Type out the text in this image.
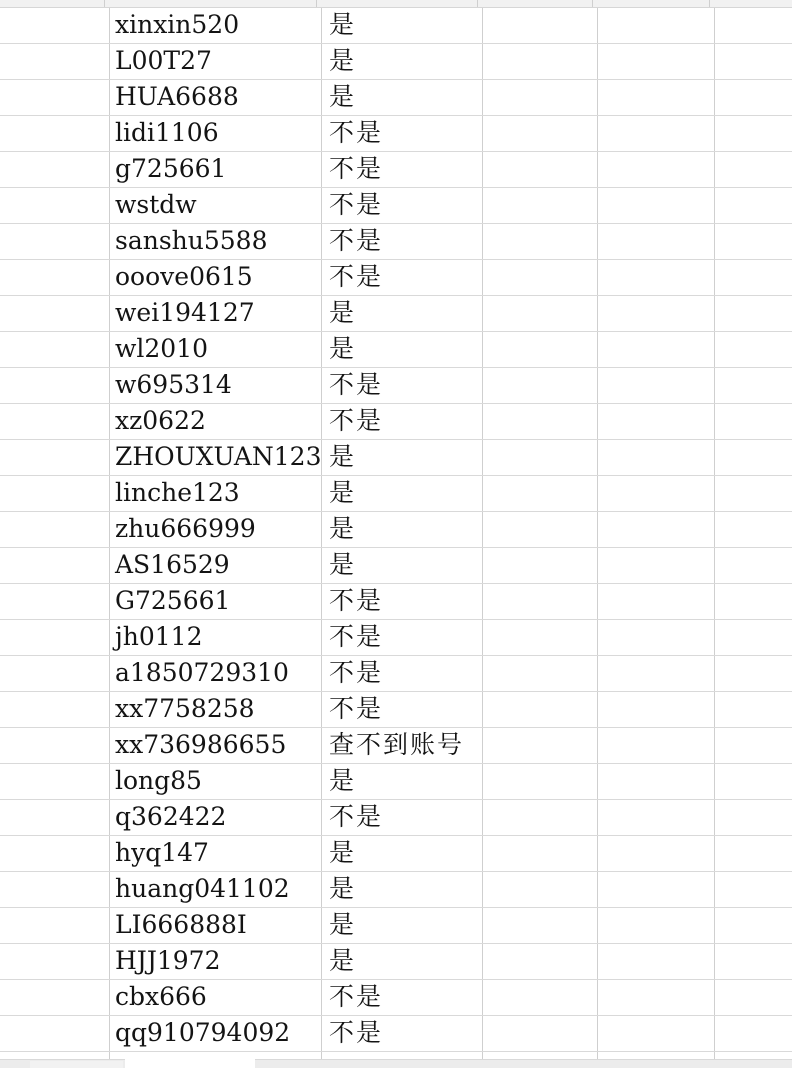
xinxin520	是
L00T27	是
HUA6688	是
lidi1106	不是
g725661	不是
wstdw	不是
sanshu5588	不是
ooove0615	不是
wei194127	是
wl2010	是
w695314	不是
xz0622	不是
ZHOUXUAN123 是
linche123	是
zhu666999	是
AS16529	是
G725661	不是
jh0112	不是
a1850729310	不是
xx7758258	不是
xx736986655	查不到账号
long85	是
q362422	不是
hyq147	是
huang041102	是
LI666888I	是
HJJ1972	是
cbx666	不是
qq910794092	不是
